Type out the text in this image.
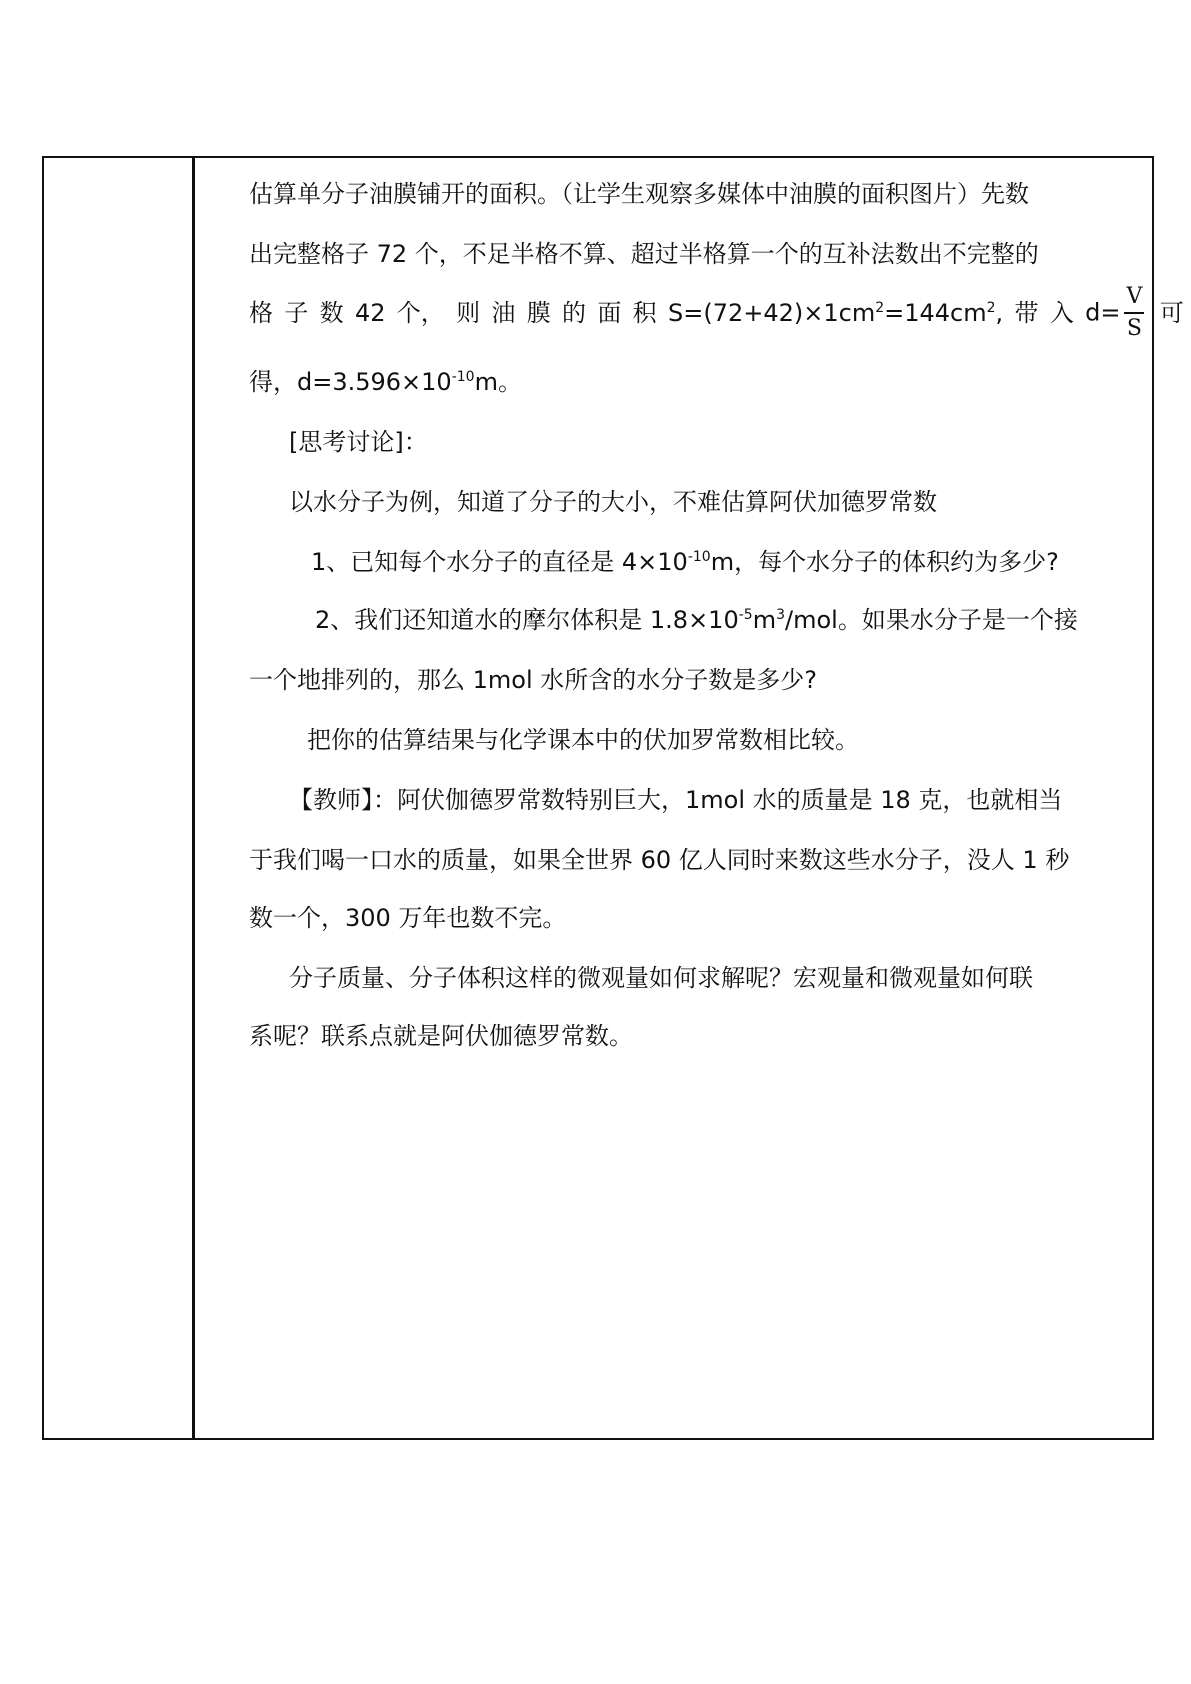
估算单分子油膜铺开的面积。（让学生观察多媒体中油膜的面积图片）先数
出完整格子 72 个，不足半格不算、超过半格算一个的互补法数出不完整的
格 子 数 42 个， 则 油 膜 的 面 积 $S=(72+42)\times 1cm^2=144cm^2$, 带 入 $d= \frac{V}{S}$ 可
得，$d=3.596\times 10^{-10}m$。
[思考讨论]：
以水分子为例，知道了分子的大小，不难估算阿伏加德罗常数
1、已知每个水分子的直径是 $4\times 10^{-10}m$，每个水分子的体积约为多少?
2、我们还知道水的摩尔体积是 $1.8\times 10^{-5}m^3$/mol。如果水分子是一个接
一个地排列的，那么 1mol 水所含的水分子数是多少?
把你的估算结果与化学课本中的伏加罗常数相比较。
【教师】：阿伏伽德罗常数特别巨大，1mol 水的质量是 18 克，也就相当
于我们喝一口水的质量，如果全世界 60 亿人同时来数这些水分子，没人 1 秒
数一个，300 万年也数不完。
分子质量、分子体积这样的微观量如何求解呢？宏观量和微观量如何联
系呢？联系点就是阿伏伽德罗常数。
